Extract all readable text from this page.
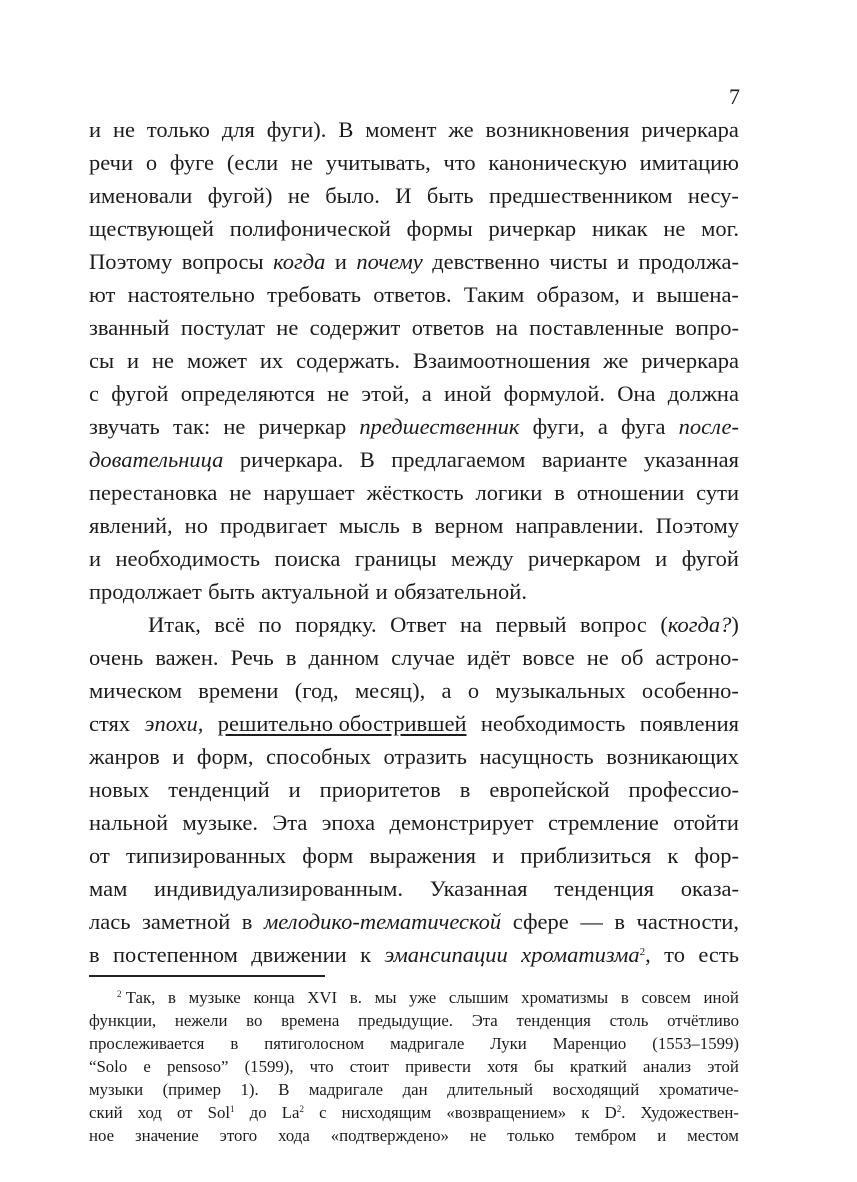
7
и не только для фуги). В момент же возникновения ричеркара
речи о фуге (если не учитывать, что каноническую имитацию
именовали фугой) не было. И быть предшественником несу-
ществующей полифонической формы ричеркар никак не мог.
Поэтому вопросы когда и почему девственно чисты и продолжа-
ют настоятельно требовать ответов. Таким образом, и вышена-
званный постулат не содержит ответов на поставленные вопро-
сы и не может их содержать. Взаимоотношения же ричеркара
с фугой определяются не этой, а иной формулой. Она должна
звучать так: не ричеркар предшественник фуги, а фуга после-
довательница ричеркара. В предлагаемом варианте указанная
перестановка не нарушает жёсткость логики в отношении сути
явлений, но продвигает мысль в верном направлении. Поэтому
и необходимость поиска границы между ричеркаром и фугой
продолжает быть актуальной и обязательной.
Итак, всё по порядку. Ответ на первый вопрос (когда?)
очень важен. Речь в данном случае идёт вовсе не об астроно-
мическом времени (год, месяц), а о музыкальных особенно-
стях эпохи, решительно обострившей необходимость появления
жанров и форм, способных отразить насущность возникающих
новых тенденций и приоритетов в европейской профессио-
нальной музыке. Эта эпоха демонстрирует стремление отойти
от типизированных форм выражения и приблизиться к фор-
мам индивидуализированным. Указанная тенденция оказа-
лась заметной в мелодико-тематической сфере — в частности,
в постепенном движении к эмансипации хроматизма$^2$, то есть
$^2$ Так, в музыке конца XVI в. мы уже слышим хроматизмы в совсем иной
функции, нежели во времена предыдущие. Эта тенденция столь отчётливо
прослеживается в пятиголосном мадригале Луки Маренцио (1553–1599)
“Solo e pensoso” (1599), что стоит привести хотя бы краткий анализ этой
музыки (пример 1). В мадригале дан длительный восходящий хроматиче-
ский ход от Sol$^1$ до La$^2$ с нисходящим «возвращением» к $D^2$. Художествен-
ное значение этого хода «подтверждено» не только тембром и местом
